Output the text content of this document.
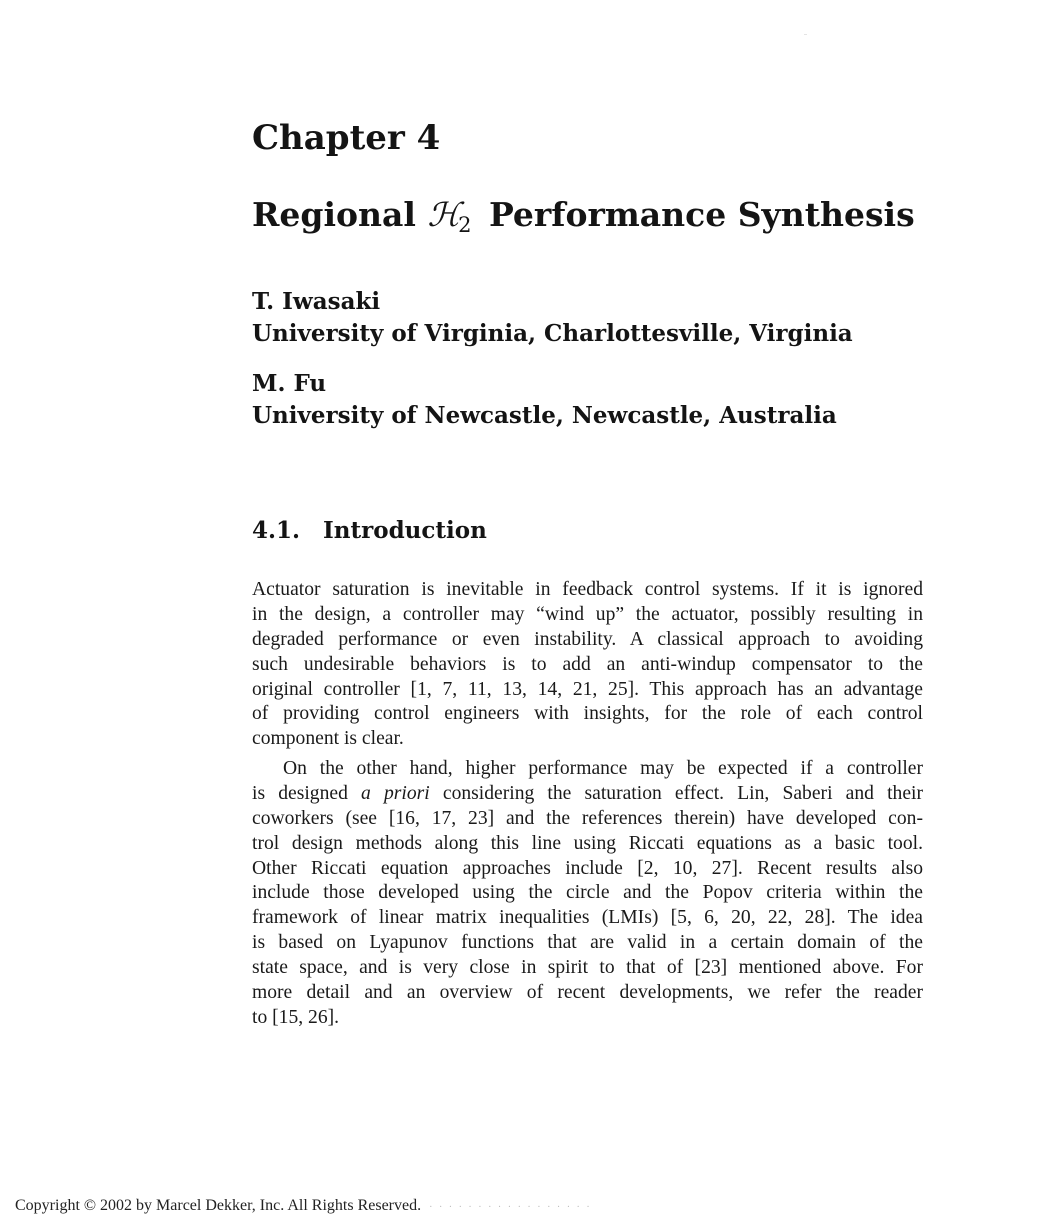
Chapter 4
Regional ℋ$_2$ Performance Synthesis
T. Iwasaki
University of Virginia, Charlottesville, Virginia
M. Fu
University of Newcastle, Newcastle, Australia
4.1. Introduction
Actuator saturation is inevitable in feedback control systems. If it is ignored
in the design, a controller may “wind up” the actuator, possibly resulting in
degraded performance or even instability. A classical approach to avoiding
such undesirable behaviors is to add an anti-windup compensator to the
original controller [1, 7, 11, 13, 14, 21, 25]. This approach has an advantage
of providing control engineers with insights, for the role of each control
component is clear.
On the other hand, higher performance may be expected if a controller
is designed a priori considering the saturation effect. Lin, Saberi and their
coworkers (see [16, 17, 23] and the references therein) have developed con-
trol design methods along this line using Riccati equations as a basic tool.
Other Riccati equation approaches include [2, 10, 27]. Recent results also
include those developed using the circle and the Popov criteria within the
framework of linear matrix inequalities (LMIs) [5, 6, 20, 22, 28]. The idea
is based on Lyapunov functions that are valid in a certain domain of the
state space, and is very close in spirit to that of [23] mentioned above. For
more detail and an overview of recent developments, we refer the reader
to [15, 26].
Copyright © 2002 by Marcel Dekker, Inc. All Rights Reserved. · · · · · · · · · · · · · · · · ·
